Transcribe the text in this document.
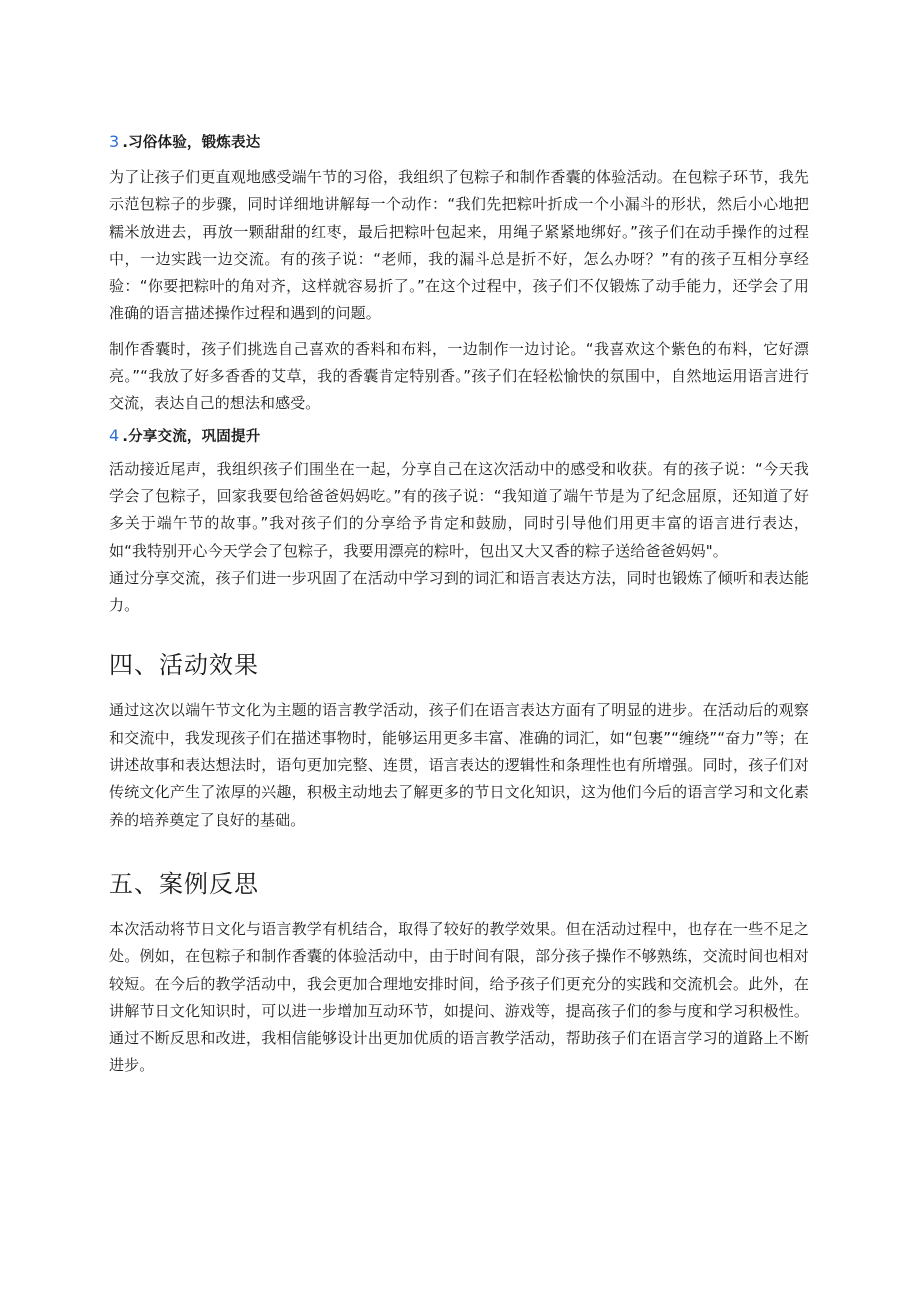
3 .习俗体验，锻炼表达

为了让孩子们更直观地感受端午节的习俗，我组织了包粽子和制作香囊的体验活动。在包粽子环节，我先示范包粽子的步骤，同时详细地讲解每一个动作：“我们先把粽叶折成一个小漏斗的形状，然后小心地把糯米放进去，再放一颗甜甜的红枣，最后把粽叶包起来，用绳子紧紧地绑好。”孩子们在动手操作的过程中，一边实践一边交流。有的孩子说：“老师，我的漏斗总是折不好，怎么办呀？”有的孩子互相分享经验：“你要把粽叶的角对齐，这样就容易折了。”在这个过程中，孩子们不仅锻炼了动手能力，还学会了用准确的语言描述操作过程和遇到的问题。

制作香囊时，孩子们挑选自己喜欢的香料和布料，一边制作一边讨论。“我喜欢这个紫色的布料，它好漂亮。”“我放了好多香香的艾草，我的香囊肯定特别香。”孩子们在轻松愉快的氛围中，自然地运用语言进行交流，表达自己的想法和感受。

4 .分享交流，巩固提升

活动接近尾声，我组织孩子们围坐在一起，分享自己在这次活动中的感受和收获。有的孩子说：“今天我学会了包粽子，回家我要包给爸爸妈妈吃。”有的孩子说：“我知道了端午节是为了纪念屈原，还知道了好多关于端午节的故事。”我对孩子们的分享给予肯定和鼓励，同时引导他们用更丰富的语言进行表达，如“我特别开心今天学会了包粽子，我要用漂亮的粽叶，包出又大又香的粽子送给爸爸妈妈"。

通过分享交流，孩子们进一步巩固了在活动中学习到的词汇和语言表达方法，同时也锻炼了倾听和表达能力。

四、活动效果

通过这次以端午节文化为主题的语言教学活动，孩子们在语言表达方面有了明显的进步。在活动后的观察和交流中，我发现孩子们在描述事物时，能够运用更多丰富、准确的词汇，如“包裹”“缠绕”“奋力”等；在讲述故事和表达想法时，语句更加完整、连贯，语言表达的逻辑性和条理性也有所增强。同时，孩子们对传统文化产生了浓厚的兴趣，积极主动地去了解更多的节日文化知识，这为他们今后的语言学习和文化素养的培养奠定了良好的基础。

五、案例反思

本次活动将节日文化与语言教学有机结合，取得了较好的教学效果。但在活动过程中，也存在一些不足之处。例如，在包粽子和制作香囊的体验活动中，由于时间有限，部分孩子操作不够熟练，交流时间也相对较短。在今后的教学活动中，我会更加合理地安排时间，给予孩子们更充分的实践和交流机会。此外，在讲解节日文化知识时，可以进一步增加互动环节，如提问、游戏等，提高孩子们的参与度和学习积极性。通过不断反思和改进，我相信能够设计出更加优质的语言教学活动，帮助孩子们在语言学习的道路上不断进步。
